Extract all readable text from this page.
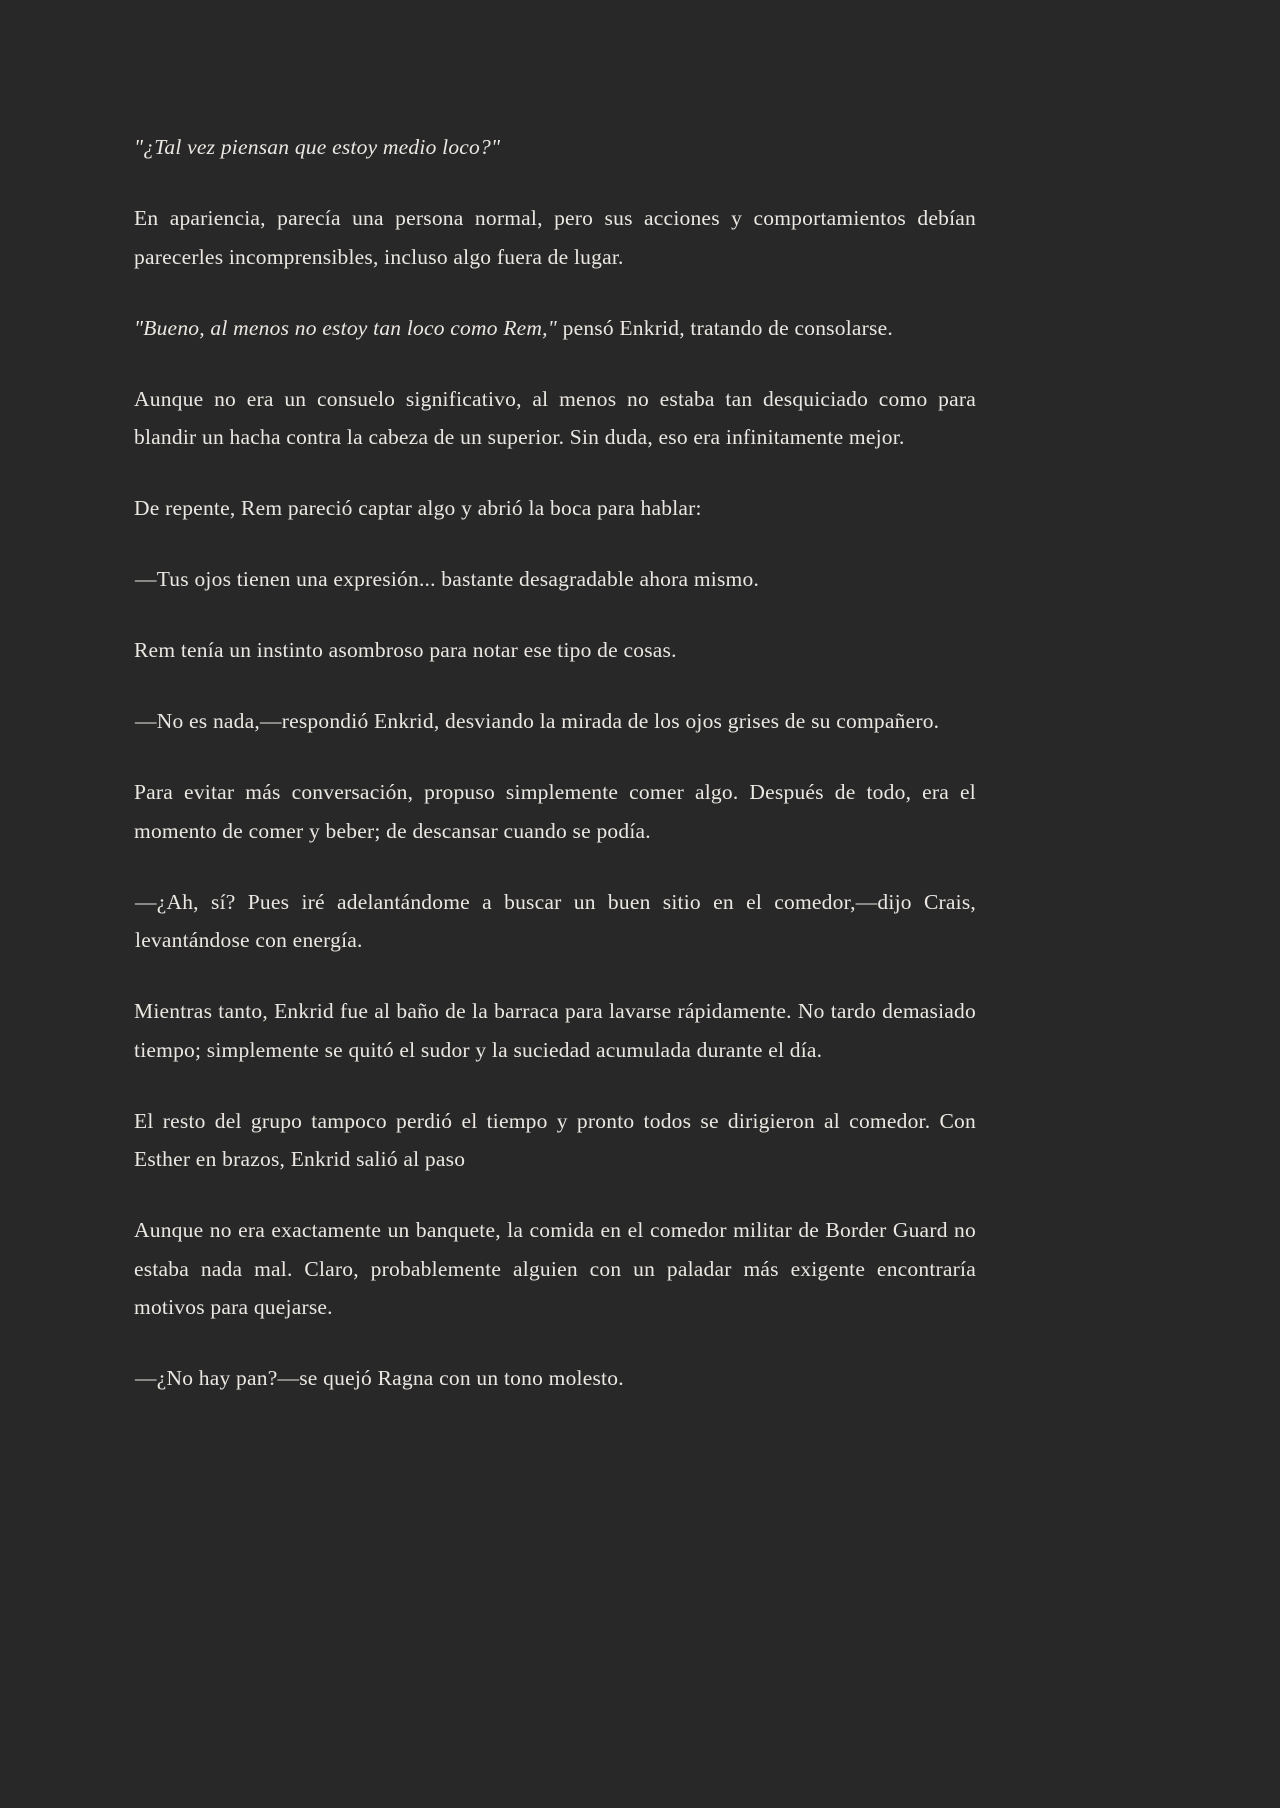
"¿Tal vez piensan que estoy medio loco?"

En apariencia, parecía una persona normal, pero sus acciones y comportamientos debían parecerles incomprensibles, incluso algo fuera de lugar.

"Bueno, al menos no estoy tan loco como Rem," pensó Enkrid, tratando de consolarse.

Aunque no era un consuelo significativo, al menos no estaba tan desquiciado como para blandir un hacha contra la cabeza de un superior. Sin duda, eso era infinitamente mejor.

De repente, Rem pareció captar algo y abrió la boca para hablar:

—Tus ojos tienen una expresión... bastante desagradable ahora mismo.

Rem tenía un instinto asombroso para notar ese tipo de cosas.

—No es nada,—respondió Enkrid, desviando la mirada de los ojos grises de su compañero.

Para evitar más conversación, propuso simplemente comer algo. Después de todo, era el momento de comer y beber; de descansar cuando se podía.

—¿Ah, sí? Pues iré adelantándome a buscar un buen sitio en el comedor,—dijo Crais, levantándose con energía.

Mientras tanto, Enkrid fue al baño de la barraca para lavarse rápidamente. No tardo demasiado tiempo; simplemente se quitó el sudor y la suciedad acumulada durante el día.

El resto del grupo tampoco perdió el tiempo y pronto todos se dirigieron al comedor. Con Esther en brazos, Enkrid salió al paso

Aunque no era exactamente un banquete, la comida en el comedor militar de Border Guard no estaba nada mal. Claro, probablemente alguien con un paladar más exigente encontraría motivos para quejarse.

—¿No hay pan?—se quejó Ragna con un tono molesto.
